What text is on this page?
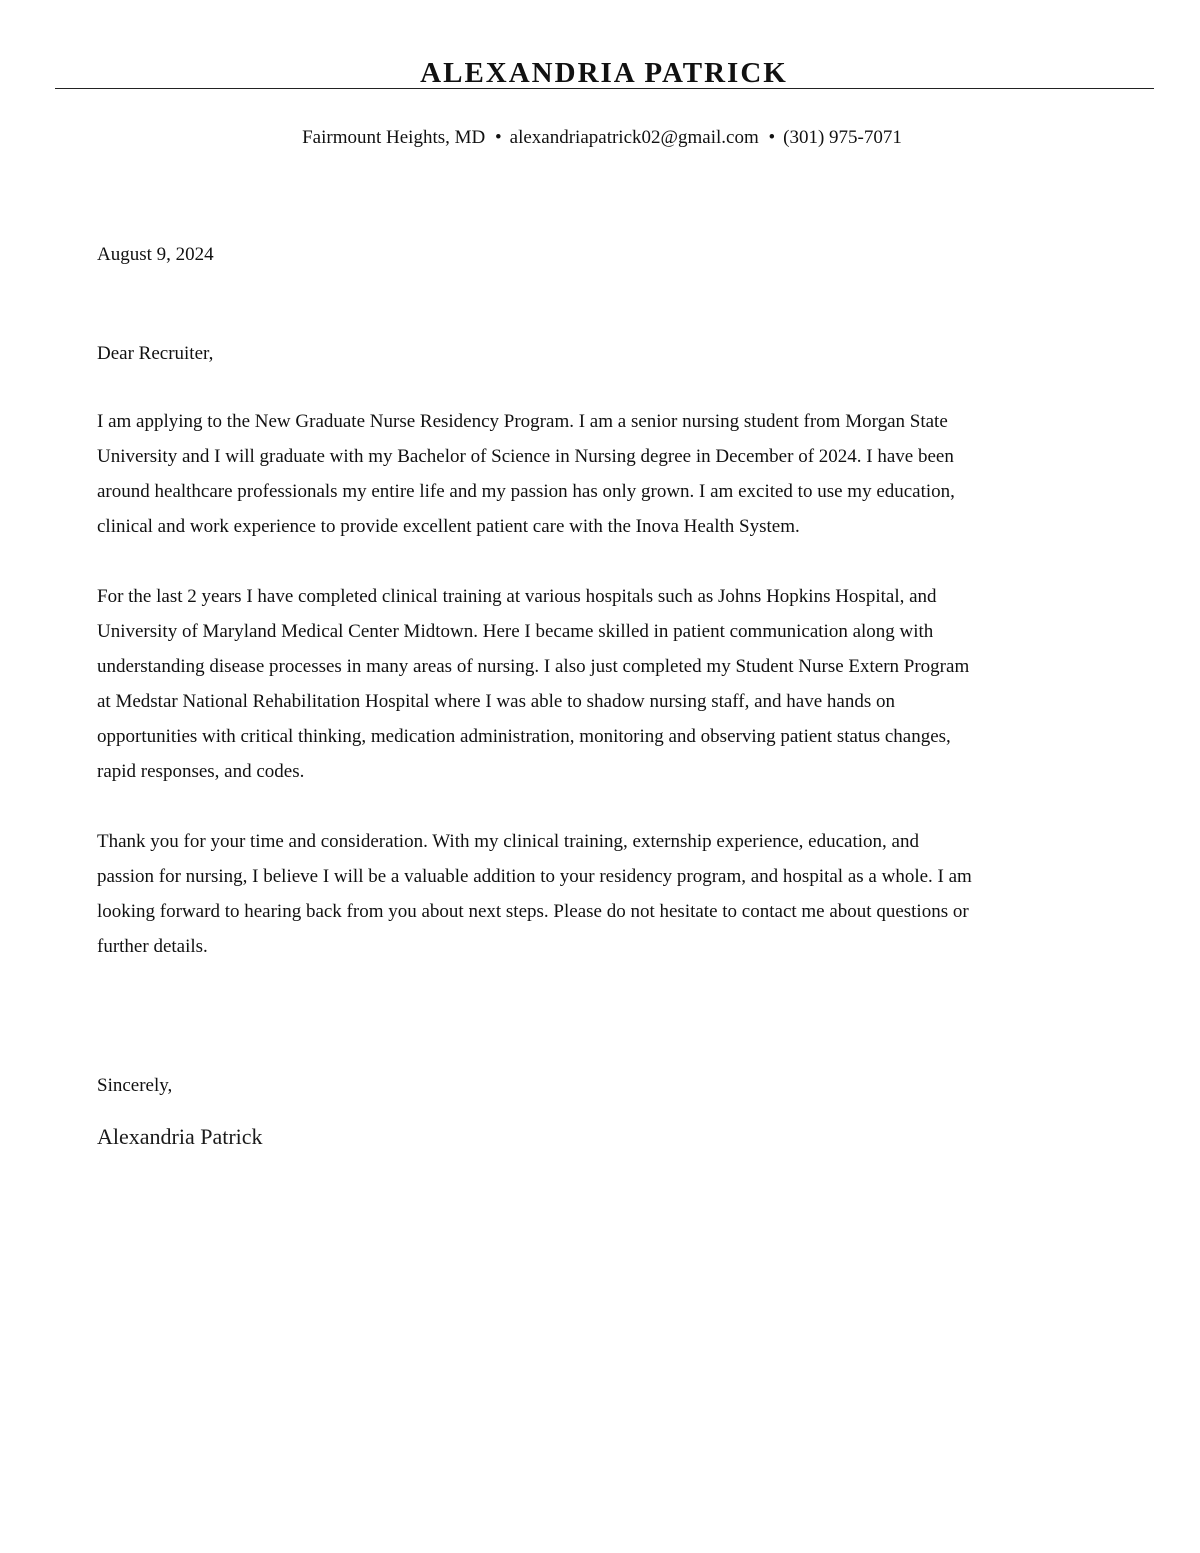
ALEXANDRIA PATRICK
Fairmount Heights, MD • alexandriapatrick02@gmail.com • (301) 975-7071
August 9, 2024
Dear Recruiter,

I am applying to the New Graduate Nurse Residency Program. I am a senior nursing student from Morgan State
University and I will graduate with my Bachelor of Science in Nursing degree in December of 2024. I have been
around healthcare professionals my entire life and my passion has only grown. I am excited to use my education,
clinical and work experience to provide excellent patient care with the Inova Health System.

For the last 2 years I have completed clinical training at various hospitals such as Johns Hopkins Hospital, and
University of Maryland Medical Center Midtown. Here I became skilled in patient communication along with
understanding disease processes in many areas of nursing. I also just completed my Student Nurse Extern Program
at Medstar National Rehabilitation Hospital where I was able to shadow nursing staff, and have hands on
opportunities with critical thinking, medication administration, monitoring and observing patient status changes,
rapid responses, and codes.

Thank you for your time and consideration. With my clinical training, externship experience, education, and
passion for nursing, I believe I will be a valuable addition to your residency program, and hospital as a whole. I am
looking forward to hearing back from you about next steps. Please do not hesitate to contact me about questions or
further details.

Sincerely,
Alexandria Patrick
